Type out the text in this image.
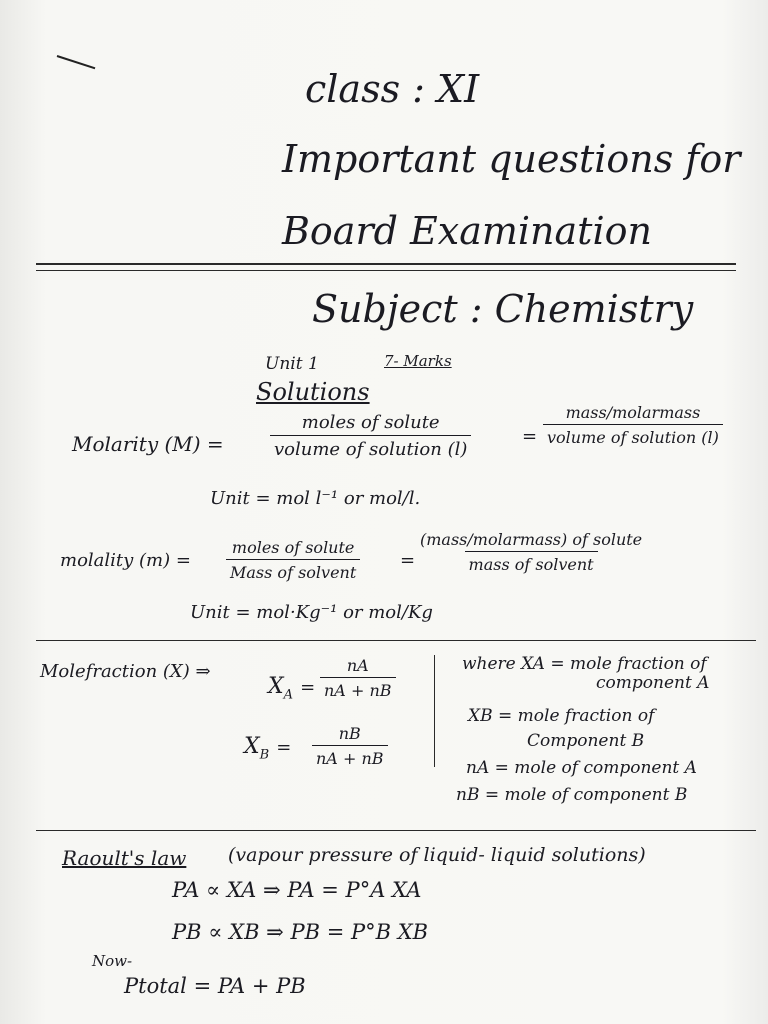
class : XI
Important questions for
Board Examination
Subject : Chemistry
Unit 1	7- Marks
Solutions
Molarity (M) =
moles of solute
volume of solution (l)
=
mass/molarmass
volume of solution (l)
Unit = mol l⁻¹ or mol/l.
molality (m) =
moles of solute
Mass of solvent
=
(mass/molarmass) of solute
mass of solvent
Unit = mol·Kg⁻¹ or mol/Kg
Molefraction (X) ⇒
$X_A = \frac{nA}{nA + nB}$
$X_B = \frac{nB}{nA + nB}$
where XA = mole fraction of
component A
XB = mole fraction of
Component B
nA = mole of component A
nB = mole of component B
Raoult's law (vapour pressure of liquid- liquid solutions)
PA ∝ XA ⇒ PA = P°A XA
PB ∝ XB ⇒ PB = P°B XB
Now-
Ptotal = PA + PB
